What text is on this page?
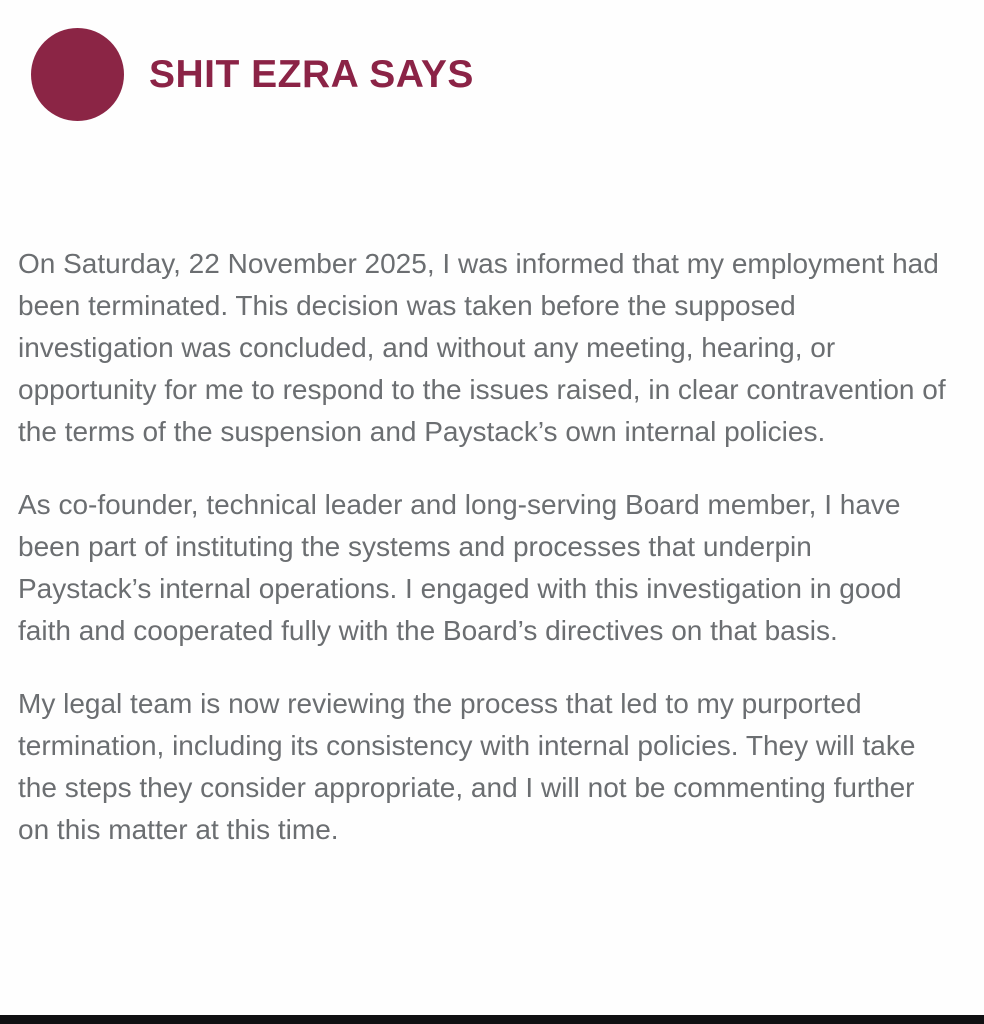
SHIT EZRA SAYS

On Saturday, 22 November 2025, I was informed that my employment had been terminated. This decision was taken before the supposed investigation was concluded, and without any meeting, hearing, or opportunity for me to respond to the issues raised, in clear contravention of the terms of the suspension and Paystack’s own internal policies.

As co-founder, technical leader and long-serving Board member, I have been part of instituting the systems and processes that underpin Paystack’s internal operations. I engaged with this investigation in good faith and cooperated fully with the Board’s directives on that basis.

My legal team is now reviewing the process that led to my purported termination, including its consistency with internal policies. They will take the steps they consider appropriate, and I will not be commenting further on this matter at this time.
